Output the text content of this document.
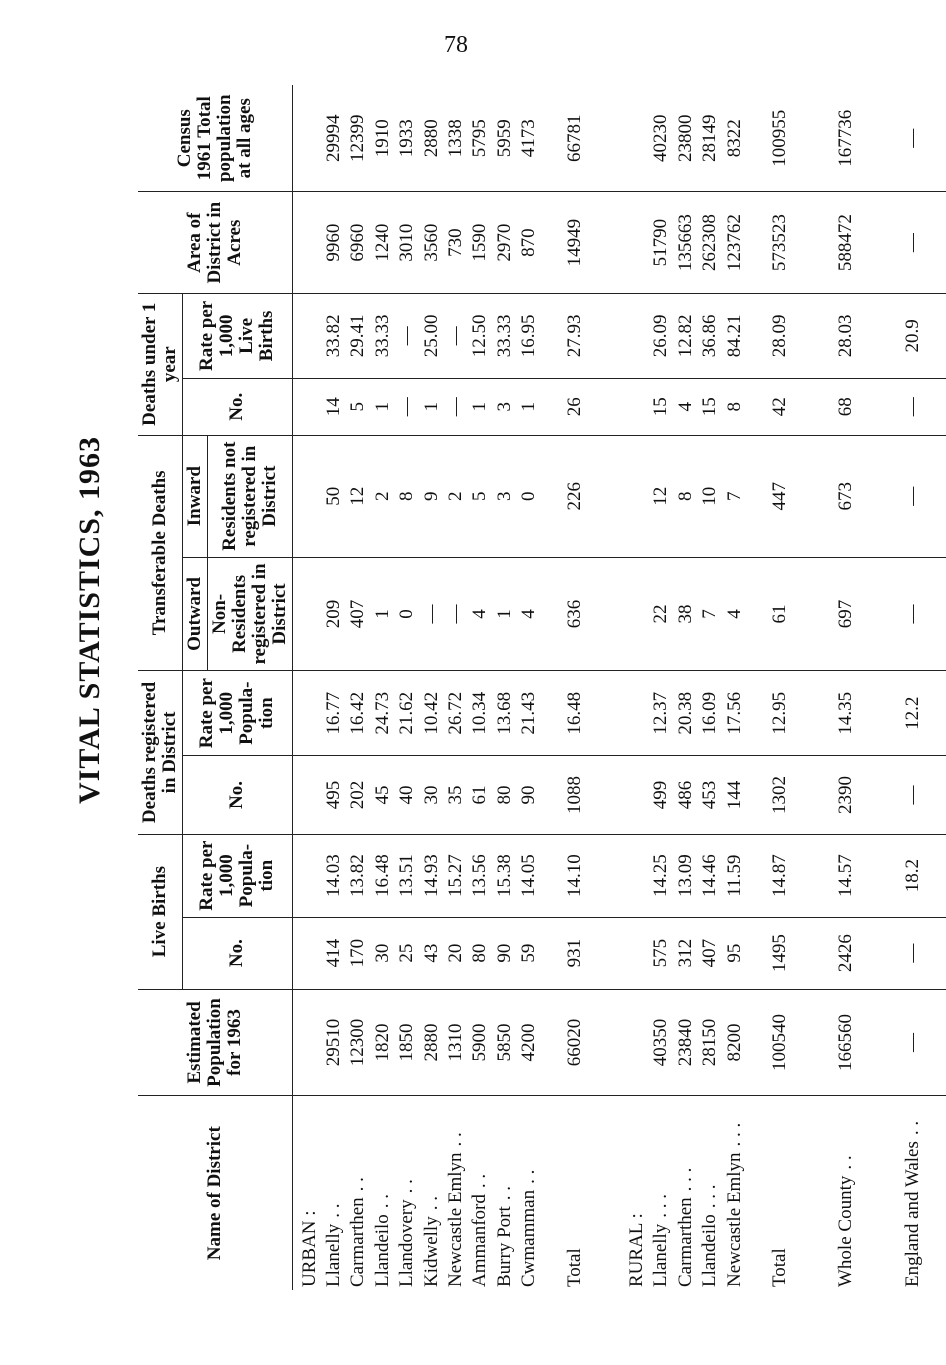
VITAL STATISTICS, 1963
78
Name of District	Estimated Population for 1963	Live Births		Deaths registered in District		Transferable Deaths		Deaths under 1 year		Area of District in Acres	Census 1961 Total population at all ages
		No.	Rate per 1,000 Popula- tion	No.	Rate per 1,000 Popula- tion	Outward	Inward	No.	Rate per 1,000 Live Births		
						Non-Residents registered in District	Residents not registered in District				
URBAN :											
Llanelly. .	29510	414	14.03	495	16.77	209	50	14	33.82	9960	29994
Carmarthen. .	12300	170	13.82	202	16.42	407	12	5	29.41	6960	12399
Llandeilo. .	1820	30	16.48	45	24.73	1	2	1	33.33	1240	1910
Llandovery. .	1850	25	13.51	40	21.62	0	8	—	—	3010	1933
Kidwelly. .	2880	43	14.93	30	10.42	—	9	1	25.00	3560	2880
Newcastle Emlyn. .	1310	20	15.27	35	26.72	—	2	—	—	730	1338
Ammanford. .	5900	80	13.56	61	10.34	4	5	1	12.50	1590	5795
Burry Port. .	5850	90	15.38	80	13.68	1	3	3	33.33	2970	5959
Cwmamman. .	4200	59	14.05	90	21.43	4	0	1	16.95	870	4173
Total	66020	931	14.10	1088	16.48	636	226	26	27.93	14949	66781
RURAL :											
Llanelly. . .	40350	575	14.25	499	12.37	22	12	15	26.09	51790	40230
Carmarthen. . .	23840	312	13.09	486	20.38	38	8	4	12.82	135663	23800
Llandeilo. . .	28150	407	14.46	453	16.09	7	10	15	36.86	262308	28149
Newcastle Emlyn. . .	8200	95	11.59	144	17.56	4	7	8	84.21	123762	8322
Total	100540	1495	14.87	1302	12.95	61	447	42	28.09	573523	100955
Whole County. .	166560	2426	14.57	2390	14.35	697	673	68	28.03	588472	167736
England and Wales. .	—	—	18.2	—	12.2	—	—	—	20.9	—	—
